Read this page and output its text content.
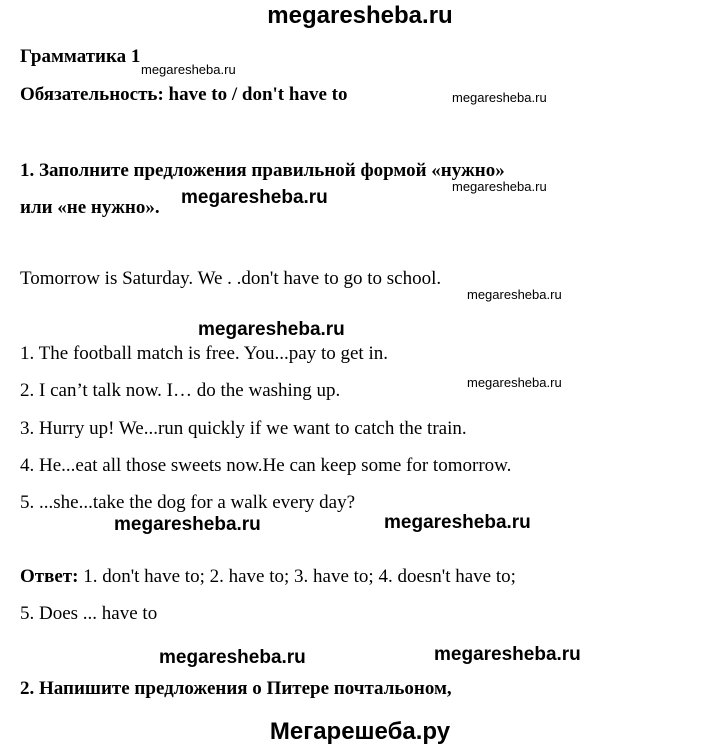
megaresheba.ru
Грамматика 1
megaresheba.ru
Обязательность: have to / don't have to	megaresheba.ru
1. Заполните предложения правильной формой «нужно»
megaresheba.ru
или «не нужно». megaresheba.ru
Tomorrow is Saturday. We . .don't have to go to school.
megaresheba.ru
megaresheba.ru
1. The football match is free. You...pay to get in.
2. I can’t talk now. I… do the washing up.	megaresheba.ru
3. Hurry up! We...run quickly if we want to catch the train.
4. He...eat all those sweets now.He can keep some for tomorrow.
5. ...she...take the dog for a walk every day?
megaresheba.ru	megaresheba.ru
Ответ: 1. don't have to; 2. have to; 3. have to; 4. doesn't have to;
5. Does ... have to
megaresheba.ru	megaresheba.ru
2. Напишите предложения о Питере почтальоном,
Мегарешеба.ру
